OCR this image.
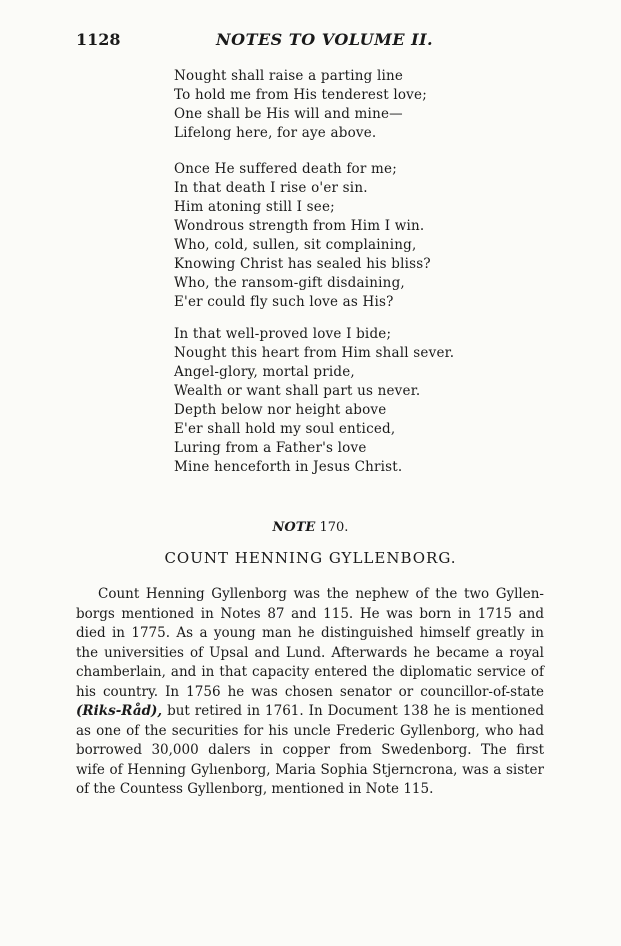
1128	NOTES TO VOLUME II.
Nought shall raise a parting line
To hold me from His tenderest love;
One shall be His will and mine—
Lifelong here, for aye above.
Once He suffered death for me;
In that death I rise o'er sin.
Him atoning still I see;
Wondrous strength from Him I win.
Who, cold, sullen, sit complaining,
Knowing Christ has sealed his bliss?
Who, the ransom-gift disdaining,
E'er could fly such love as His?
In that well-proved love I bide;
Nought this heart from Him shall sever.
Angel-glory, mortal pride,
Wealth or want shall part us never.
Depth below nor height above
E'er shall hold my soul enticed,
Luring from a Father's love
Mine henceforth in Jesus Christ.
NOTE 170.
COUNT HENNING GYLLENBORG.
Count Henning Gyllenborg was the nephew of the two Gyllen-
borgs mentioned in Notes 87 and 115. He was born in 1715 and
died in 1775. As a young man he distinguished himself greatly in
the universities of Upsal and Lund. Afterwards he became a royal
chamberlain, and in that capacity entered the diplomatic service of
his country. In 1756 he was chosen senator or councillor-of-state
(Riks-Råd), but retired in 1761. In Document 138 he is mentioned
as one of the securities for his uncle Frederic Gyllenborg, who had
borrowed 30,000 dalers in copper from Swedenborg. The first
wife of Henning Gylıenborg, Maria Sophia Stjerncrona, was a sister
of the Countess Gyllenborg, mentioned in Note 115.
